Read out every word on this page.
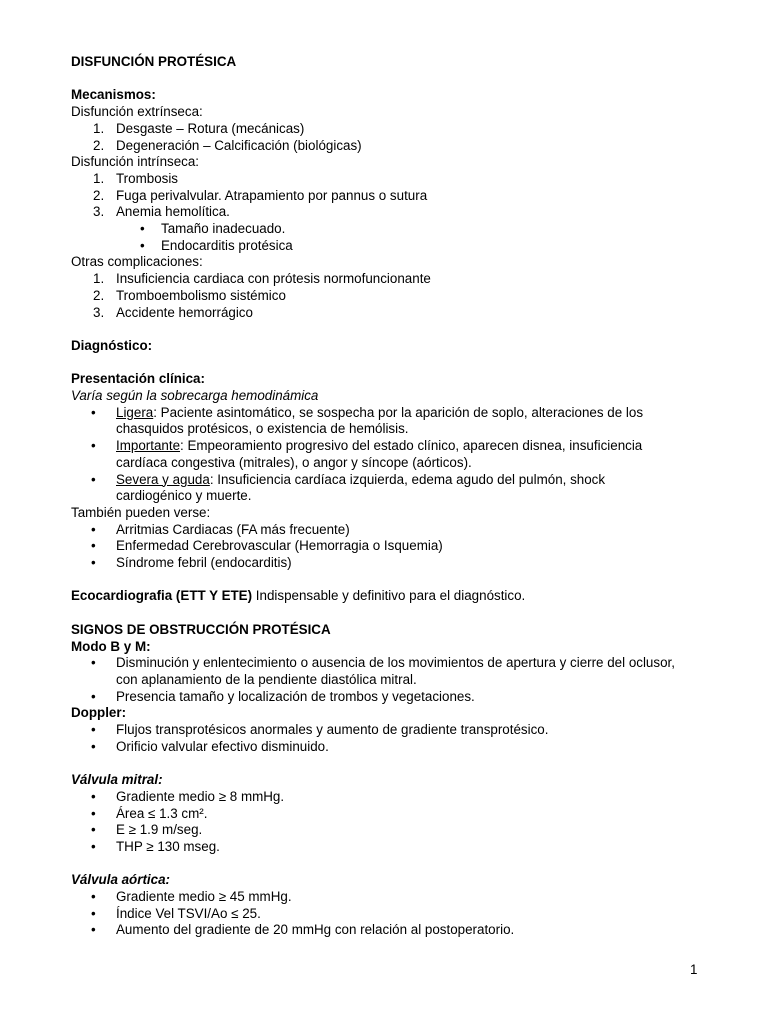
DISFUNCIÓN PROTÉSICA
Mecanismos:
Disfunción extrínseca:
1. Desgaste – Rotura (mecánicas)
2. Degeneración – Calcificación (biológicas)
Disfunción intrínseca:
1. Trombosis
2. Fuga perivalvular. Atrapamiento por pannus o sutura
3. Anemia hemolítica.
• Tamaño inadecuado.
• Endocarditis protésica
Otras complicaciones:
1. Insuficiencia cardiaca con prótesis normofuncionante
2. Tromboembolismo sistémico
3. Accidente hemorrágico
Diagnóstico:
Presentación clínica:
Varía según la sobrecarga hemodinámica
• Ligera: Paciente asintomático, se sospecha por la aparición de soplo, alteraciones de los
chasquidos protésicos, o existencia de hemólisis.
• Importante: Empeoramiento progresivo del estado clínico, aparecen disnea, insuficiencia
cardíaca congestiva (mitrales), o angor y síncope (aórticos).
• Severa y aguda: Insuficiencia cardíaca izquierda, edema agudo del pulmón, shock
cardiogénico y muerte.
También pueden verse:
• Arritmias Cardiacas (FA más frecuente)
• Enfermedad Cerebrovascular (Hemorragia o Isquemia)
• Síndrome febril (endocarditis)
Ecocardiografia (ETT Y ETE) Indispensable y definitivo para el diagnóstico.
SIGNOS DE OBSTRUCCIÓN PROTÉSICA
Modo B y M:
• Disminución y enlentecimiento o ausencia de los movimientos de apertura y cierre del oclusor,
con aplanamiento de la pendiente diastólica mitral.
• Presencia tamaño y localización de trombos y vegetaciones.
Doppler:
• Flujos transprotésicos anormales y aumento de gradiente transprotésico.
• Orificio valvular efectivo disminuido.
Válvula mitral:
• Gradiente medio ≥ 8 mmHg.
• Área ≤ 1.3 cm².
• E ≥ 1.9 m/seg.
• THP ≥ 130 mseg.
Válvula aórtica:
• Gradiente medio ≥ 45 mmHg.
• Índice Vel TSVI/Ao ≤ 25.
• Aumento del gradiente de 20 mmHg con relación al postoperatorio.
1
